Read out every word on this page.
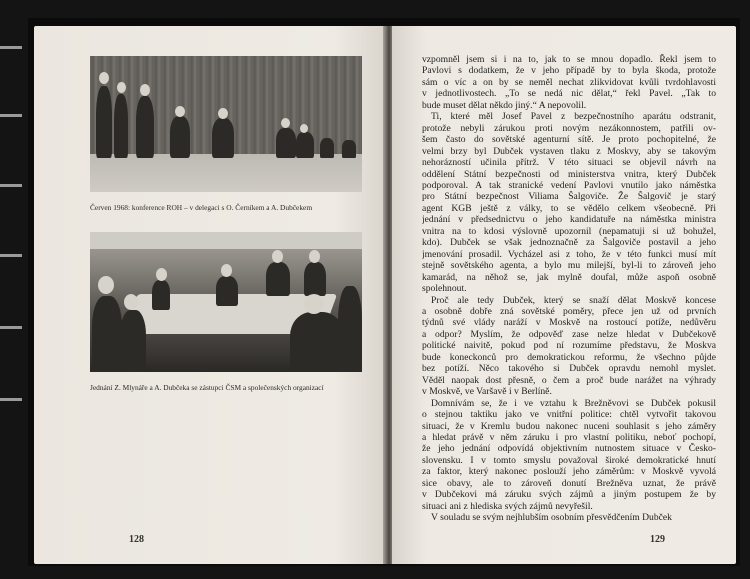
Červen 1968: konference ROH – v delegaci s O. Černíkem a A. Dubčekem
Jednání Z. Mlynáře a A. Dubčeka se zástupci ČSM a společenských organizací
128
vzpomněl jsem si i na to, jak to se mnou dopadlo. Řekl jsem to
Pavlovi s dodatkem, že v jeho případě by to byla škoda, protože
sám o víc a on by se neměl nechat zlikvidovat kvůli tvrdohlavosti
v jednotlivostech. „To se nedá nic dělat,“ řekl Pavel. „Tak to
bude muset dělat někdo jiný.“ A nepovolil.
Ti, které měl Josef Pavel z bezpečnostního aparátu odstranit,
protože nebyli zárukou proti novým nezákonnostem, patřili ov-
šem často do sovětské agenturní sítě. Je proto pochopitelné, že
velmi brzy byl Dubček vystaven tlaku z Moskvy, aby se takovým
nehorázností učinila přítrž. V této situaci se objevil návrh na
oddělení Státní bezpečnosti od ministerstva vnitra, který Dubček
podporoval. A tak stranické vedení Pavlovi vnutilo jako náměstka
pro Státní bezpečnost Viliama Šalgoviče. Že Šalgovič je starý
agent KGB ještě z války, to se vědělo celkem všeobecně. Při
jednání v předsednictvu o jeho kandidatuře na náměstka ministra
vnitra na to kdosi výslovně upozornil (nepamatuji si už bohužel,
kdo). Dubček se však jednoznačně za Šalgoviče postavil a jeho
jmenování prosadil. Vycházel asi z toho, že v této funkci musí mít
stejně sovětského agenta, a bylo mu milejší, byl-li to zároveň jeho
kamarád, na něhož se, jak mylně doufal, může aspoň osobně
spolehnout.
Proč ale tedy Dubček, který se snaží dělat Moskvě koncese
a osobně dobře zná sovětské poměry, přece jen už od prvních
týdnů své vlády naráží v Moskvě na rostoucí potíže, nedůvěru
a odpor? Myslím, že odpověď zase nelze hledat v Dubčekově
politické naivitě, pokud pod ní rozumíme představu, že Moskva
bude koneckonců pro demokratickou reformu, že všechno půjde
bez potíží. Něco takového si Dubček opravdu nemohl myslet.
Věděl naopak dost přesně, o čem a proč bude narážet na výhrady
v Moskvě, ve Varšavě i v Berlíně.
Domnívám se, že i ve vztahu k Brežněvovi se Dubček pokusil
o stejnou taktiku jako ve vnitřní politice: chtěl vytvořit takovou
situaci, že v Kremlu budou nakonec nuceni souhlasit s jeho záměry
a hledat právě v něm záruku i pro vlastní politiku, neboť pochopí,
že jeho jednání odpovídá objektivním nutnostem situace v Česko-
slovensku. I v tomto smyslu považoval široké demokratické hnutí
za faktor, který nakonec poslouží jeho záměrům: v Moskvě vyvolá
sice obavy, ale to zároveň donutí Brežněva uznat, že právě
v Dubčekovi má záruku svých zájmů a jiným postupem že by
situaci ani z hlediska svých zájmů nevyřešil.
V souladu se svým nejhlubším osobním přesvědčením Dubček
129
